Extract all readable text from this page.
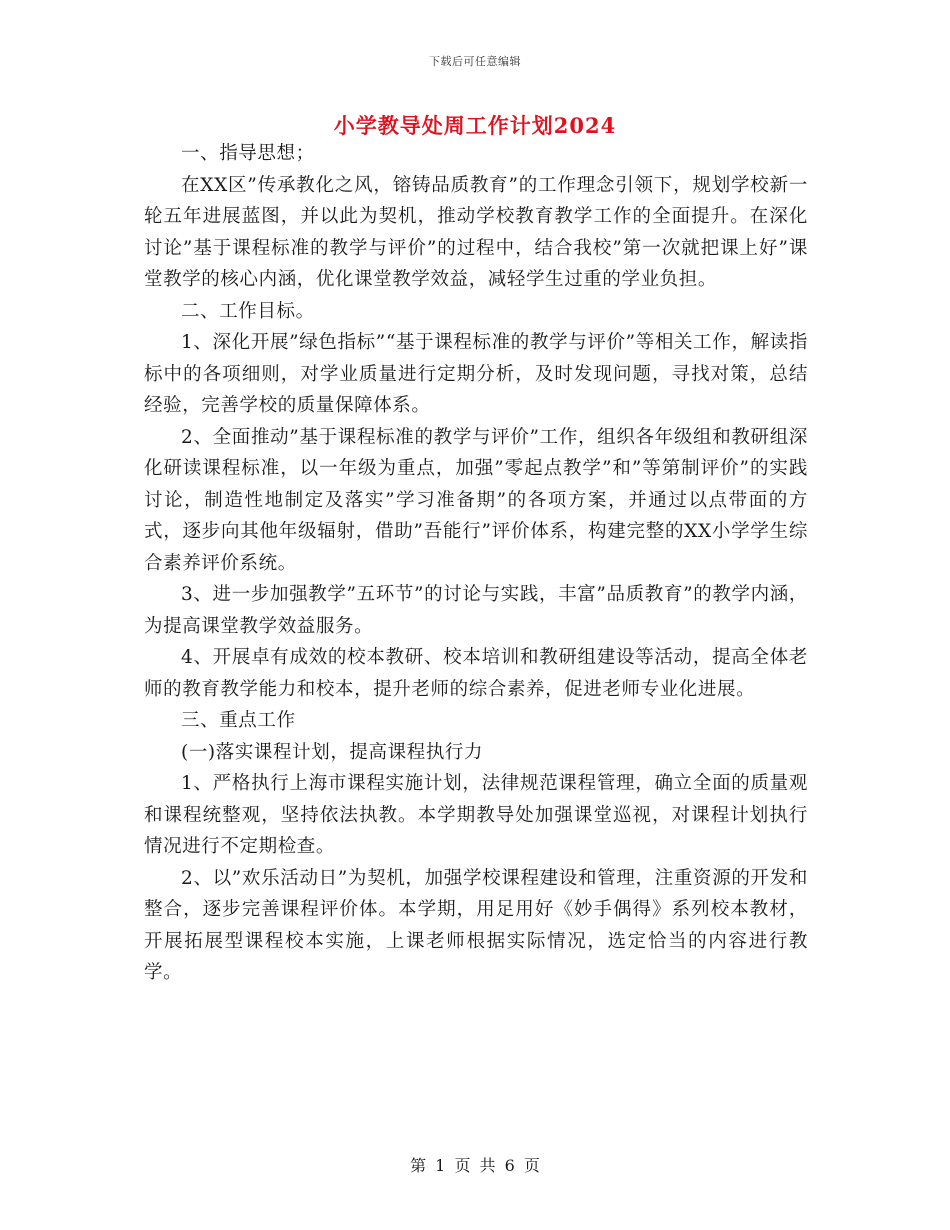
下载后可任意编辑
小学教导处周工作计划2024

一、指导思想；

在XX区”传承教化之风，镕铸品质教育”的工作理念引领下，规划学校新一轮五年进展蓝图，并以此为契机，推动学校教育教学工作的全面提升。在深化讨论”基于课程标准的教学与评价”的过程中，结合我校”第一次就把课上好”课堂教学的核心内涵，优化课堂教学效益，减轻学生过重的学业负担。

二、工作目标。

1、深化开展”绿色指标”“基于课程标准的教学与评价”等相关工作，解读指标中的各项细则，对学业质量进行定期分析，及时发现问题，寻找对策，总结经验，完善学校的质量保障体系。

2、全面推动”基于课程标准的教学与评价”工作，组织各年级组和教研组深化研读课程标准，以一年级为重点，加强”零起点教学”和”等第制评价”的实践讨论，制造性地制定及落实”学习准备期”的各项方案，并通过以点带面的方式，逐步向其他年级辐射，借助”吾能行”评价体系，构建完整的XX小学学生综合素养评价系统。

3、进一步加强教学”五环节”的讨论与实践，丰富”品质教育”的教学内涵，为提高课堂教学效益服务。

4、开展卓有成效的校本教研、校本培训和教研组建设等活动，提高全体老师的教育教学能力和校本，提升老师的综合素养，促进老师专业化进展。

三、重点工作

(一)落实课程计划，提高课程执行力

1、严格执行上海市课程实施计划，法律规范课程管理，确立全面的质量观和课程统整观，坚持依法执教。本学期教导处加强课堂巡视，对课程计划执行情况进行不定期检查。

2、以”欢乐活动日”为契机，加强学校课程建设和管理，注重资源的开发和整合，逐步完善课程评价体。本学期，用足用好《妙手偶得》系列校本教材，开展拓展型课程校本实施，上课老师根据实际情况，选定恰当的内容进行教学。

第 1 页 共 6 页
